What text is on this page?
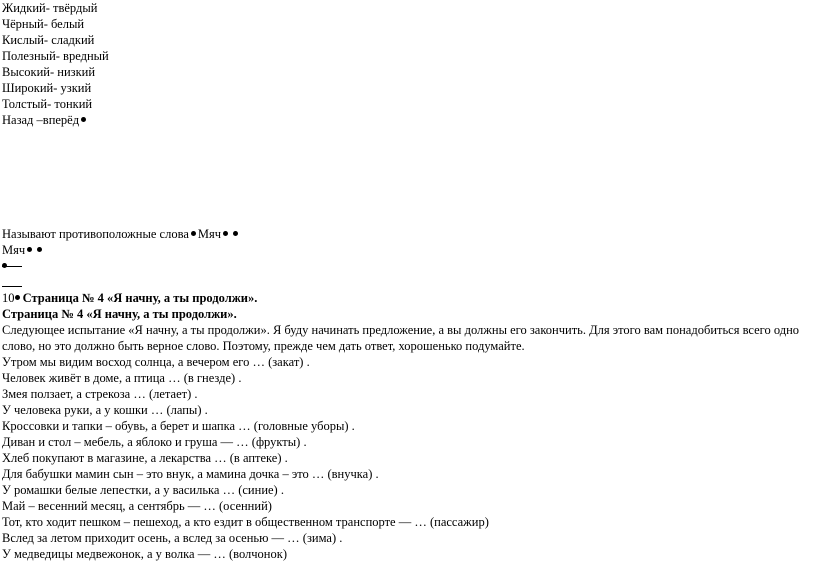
Жидкий- твёрдый
Чёрный- белый
Кислый- сладкий
Полезный- вредный
Высокий- низкий
Широкий- узкий
Толстый- тонкий
Назад –вперёд
Называют противоположные слова Мяч
Мяч
10 Страница № 4 «Я начну, а ты продолжи».
Страница № 4 «Я начну, а ты продолжи».
Следующее испытание «Я начну, а ты продолжи». Я буду начинать предложение, а вы должны его закончить. Для этого вам понадобиться всего одно слово, но это должно быть верное слово. Поэтому, прежде чем дать ответ, хорошенько подумайте.
Утром мы видим восход солнца, а вечером его … (закат) .
Человек живёт в доме, а птица … (в гнезде) .
Змея ползает, а стрекоза … (летает) .
У человека руки, а у кошки … (лапы) .
Кроссовки и тапки – обувь, а берет и шапка … (головные уборы) .
Диван и стол – мебель, а яблоко и груша — … (фрукты) .
Хлеб покупают в магазине, а лекарства … (в аптеке) .
Для бабушки мамин сын – это внук, а мамина дочка – это … (внучка) .
У ромашки белые лепестки, а у василька … (синие) .
Май – весенний месяц, а сентябрь — … (осенний)
Тот, кто ходит пешком – пешеход, а кто ездит в общественном транспорте — … (пассажир)
Вслед за летом приходит осень, а вслед за осенью — … (зима) .
У медведицы медвежонок, а у волка — … (волчонок)
